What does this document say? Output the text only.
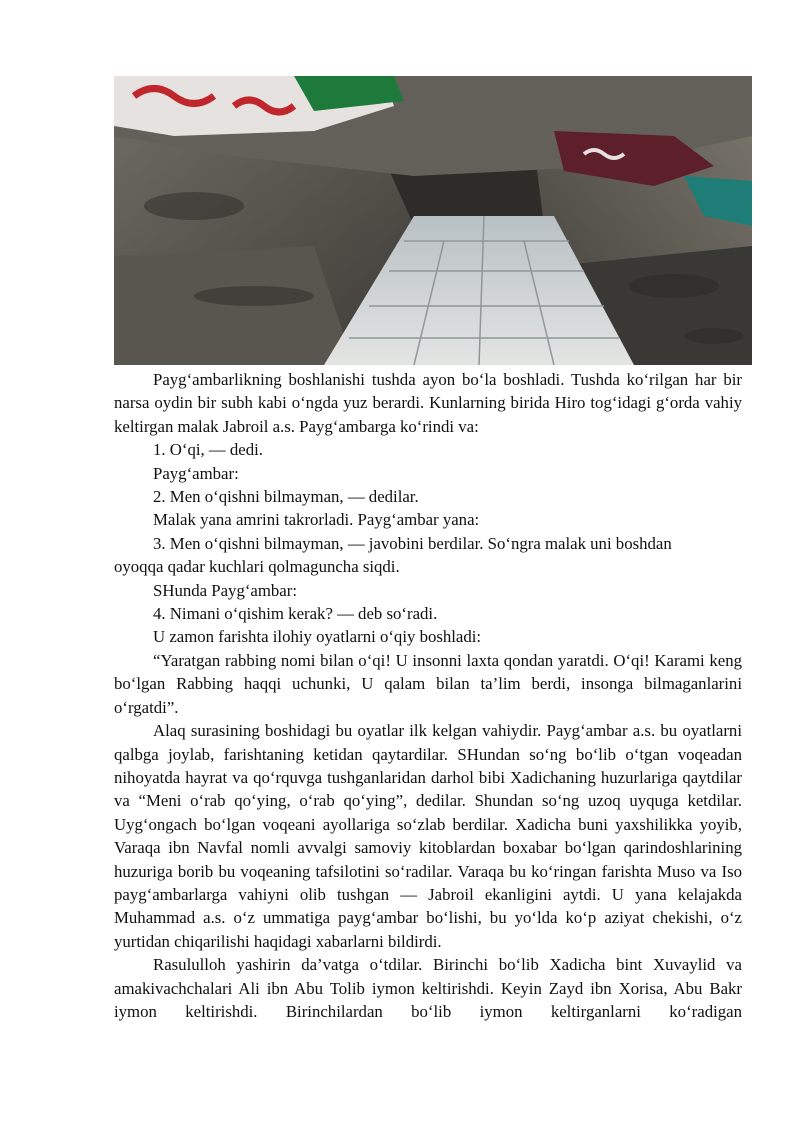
Payg‘ambarlikning boshlanishi tushda ayon bo‘la boshladi. Tushda ko‘rilgan har bir narsa oydin bir subh kabi o‘ngda yuz berardi. Kunlarning birida Hiro tog‘idagi g‘orda vahiy keltirgan malak Jabroil a.s. Payg‘ambarga ko‘rindi va:

1. O‘qi, — dedi.

Payg‘ambar:

2. Men o‘qishni bilmayman, — dedilar.

Malak yana amrini takrorladi. Payg‘ambar yana:

3. Men o‘qishni bilmayman, — javobini berdilar. So‘ngra malak uni boshdan

oyoqqa qadar kuchlari qolmaguncha siqdi.

SHunda Payg‘ambar:

4. Nimani o‘qishim kerak? — deb so‘radi.

U zamon farishta ilohiy oyatlarni o‘qiy boshladi:

“Yaratgan rabbing nomi bilan o‘qi! U insonni laxta qondan yaratdi. O‘qi! Karami keng bo‘lgan Rabbing haqqi uchunki, U qalam bilan ta’lim berdi, insonga bilmaganlarini o‘rgatdi”.

Alaq surasining boshidagi bu oyatlar ilk kelgan vahiydir. Payg‘ambar a.s. bu oyatlarni qalbga joylab, farishtaning ketidan qaytardilar. SHundan so‘ng bo‘lib o‘tgan voqeadan nihoyatda hayrat va qo‘rquvga tushganlaridan darhol bibi Xadichaning huzurlariga qaytdilar va “Meni o‘rab qo‘ying, o‘rab qo‘ying”, dedilar. Shundan so‘ng uzoq uyquga ketdilar. Uyg‘ongach bo‘lgan voqeani ayollariga so‘zlab berdilar. Xadicha buni yaxshilikka yoyib, Varaqa ibn Navfal nomli avvalgi samoviy kitoblardan boxabar bo‘lgan qarindoshlarining huzuriga borib bu voqeaning tafsilotini so‘radilar. Varaqa bu ko‘ringan farishta Muso va Iso payg‘ambarlarga vahiyni olib tushgan — Jabroil ekanligini aytdi. U yana kelajakda Muhammad a.s. o‘z ummatiga payg‘ambar bo‘lishi, bu yo‘lda ko‘p aziyat chekishi, o‘z yurtidan chiqarilishi haqidagi xabarlarni bildirdi.

Rasululloh yashirin da’vatga o‘tdilar. Birinchi bo‘lib Xadicha bint Xuvaylid va amakivachchalari Ali ibn Abu Tolib iymon keltirishdi. Keyin Zayd ibn Xorisa, Abu Bakr iymon keltirishdi. Birinchilardan bo‘lib iymon keltirganlarni ko‘radigan
